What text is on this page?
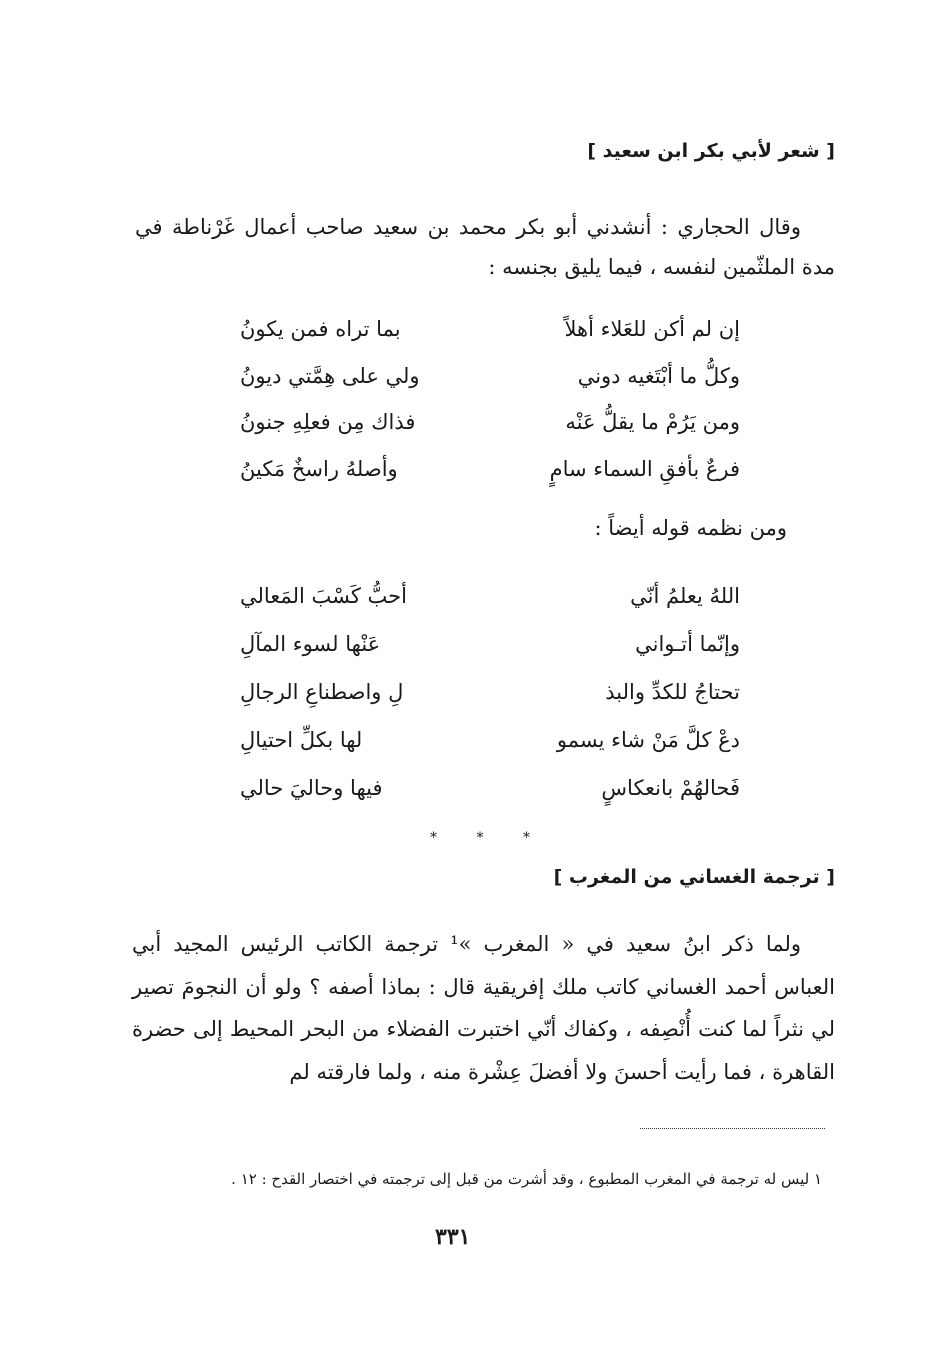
[ شعر لأبي بكر ابن سعيد ]
وقال الحجاري : أنشدني أبو بكر محمد بن سعيد صاحب أعمال غَرْناطة في مدة الملثّمين لنفسه ، فيما يليق بجنسه :
إن لم أكن للعَلاء أهلاً
بما تراه فمن يكونُ
وكلُّ ما أبْتَغيه دوني
ولي على هِمَّتي ديونُ
ومن يَرُمْ ما يقلُّ عَنْه
فذاك مِن فعلِهِ جنونُ
فرعٌ بأفقِ السماء سامٍ
وأصلهُ راسخٌ مَكينُ
ومن نظمه قوله أيضاً :
اللهُ يعلمُ أنّي
أحبُّ كَسْبَ المَعالي
وإنّما أتـواني
عَنْها لسوء المآلِ
تحتاجُ للكدِّ والبذ
لِ واصطناعِ الرجالِ
دعْ كلَّ مَنْ شاء يسمو
لها بكلِّ احتيالِ
فَحالهُمْ بانعكاسٍ
فيها وحاليَ حالي
*	*	*
[ ترجمة الغساني من المغرب ]
ولما ذكر ابنُ سعيد في « المغرب »¹ ترجمة الكاتب الرئيس المجيد أبي العباس أحمد الغساني كاتب ملك إفريقية قال : بماذا أصفه ؟ ولو أن النجومَ تصير لي نثراً لما كنت أُنْصِفه ، وكفاك أنّي اختبرت الفضلاء من البحر المحيط إلى حضرة القاهرة ، فما رأيت أحسنَ ولا أفضلَ عِشْرة منه ، ولما فارقته لم
١ ليس له ترجمة في المغرب المطبوع ، وقد أشرت من قبل إلى ترجمته في اختصار القدح : ١٢ .
٣٣١
